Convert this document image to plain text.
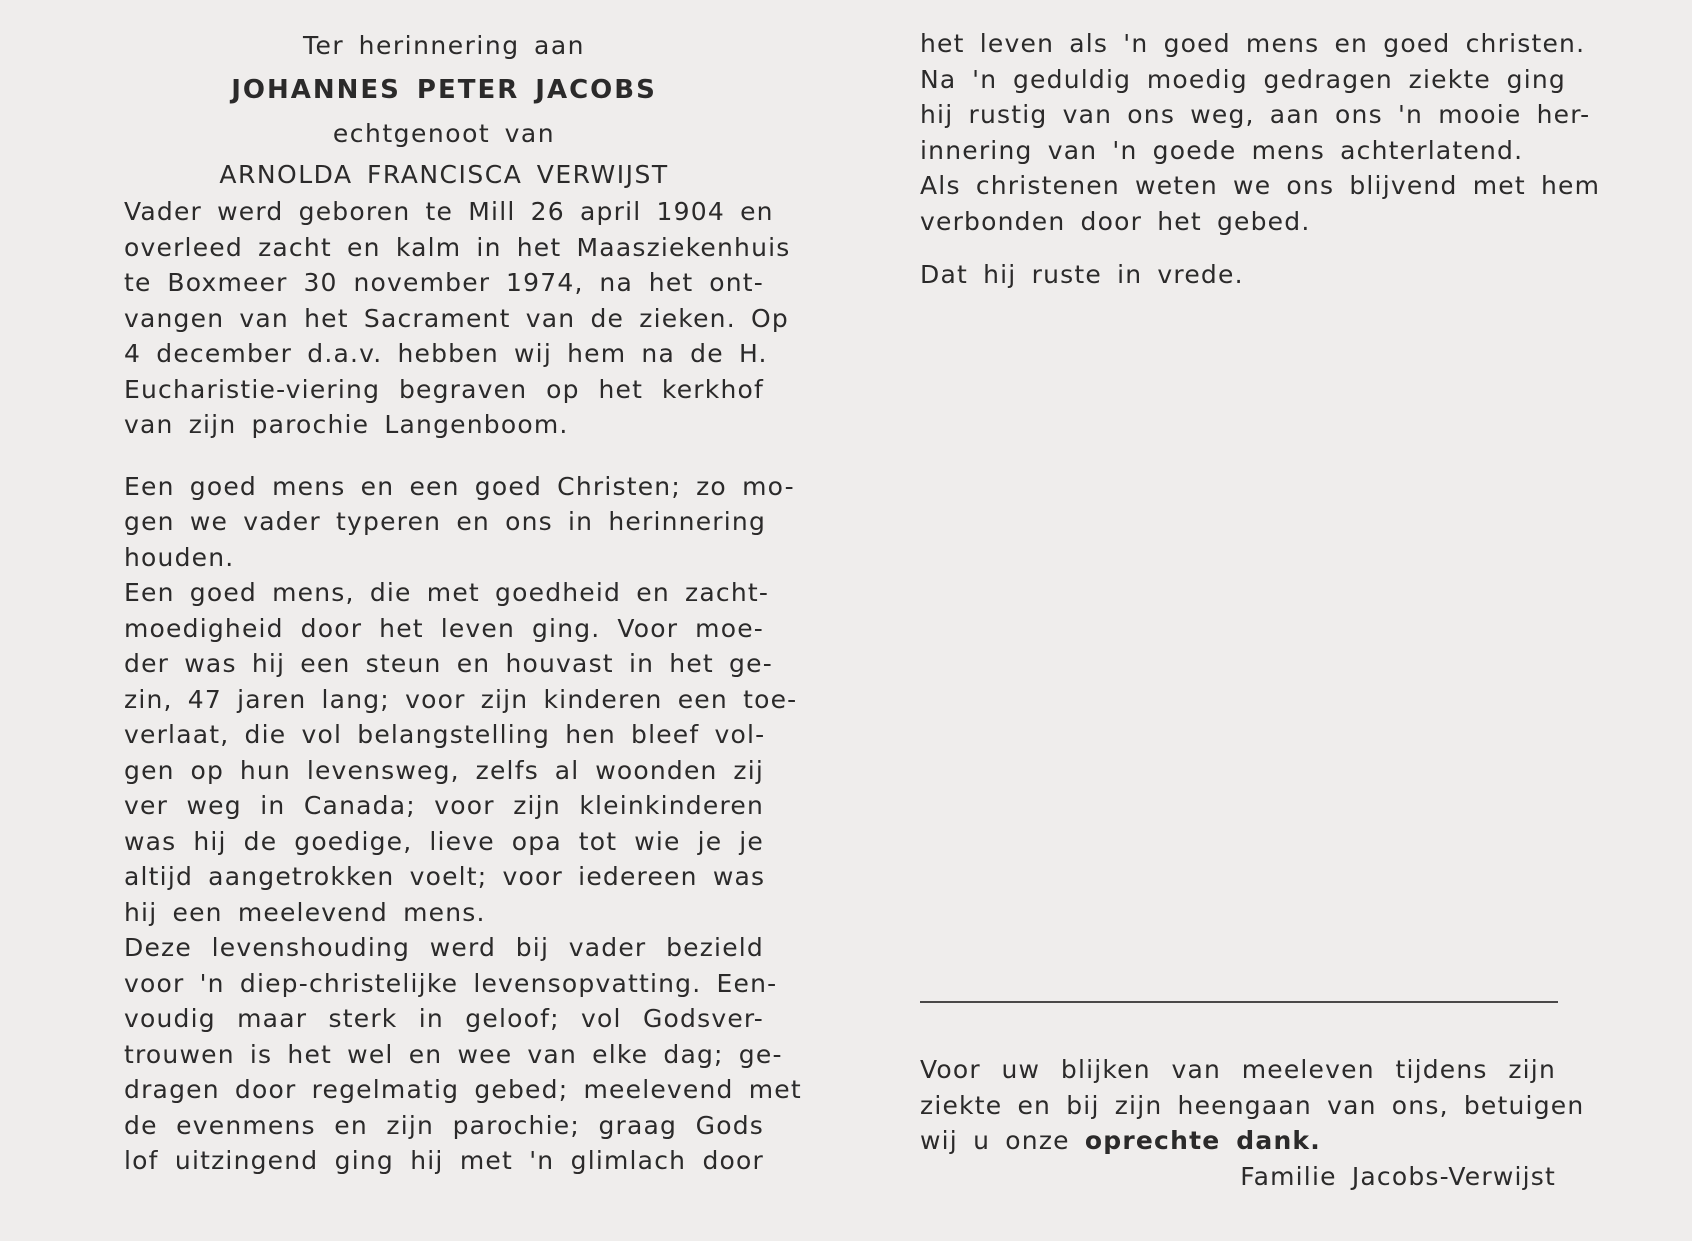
Ter herinnering aan
JOHANNES PETER JACOBS
echtgenoot van
ARNOLDA FRANCISCA VERWIJST
Vader werd geboren te Mill 26 april 1904 en
overleed zacht en kalm in het Maasziekenhuis
te Boxmeer 30 november 1974, na het ont-
vangen van het Sacrament van de zieken. Op
4 december d.a.v. hebben wij hem na de H.
Eucharistie-viering begraven op het kerkhof
van zijn parochie Langenboom.
Een goed mens en een goed Christen; zo mo-
gen we vader typeren en ons in herinnering
houden.
Een goed mens, die met goedheid en zacht-
moedigheid door het leven ging. Voor moe-
der was hij een steun en houvast in het ge-
zin, 47 jaren lang; voor zijn kinderen een toe-
verlaat, die vol belangstelling hen bleef vol-
gen op hun levensweg, zelfs al woonden zij
ver weg in Canada; voor zijn kleinkinderen
was hij de goedige, lieve opa tot wie je je
altijd aangetrokken voelt; voor iedereen was
hij een meelevend mens.
Deze levenshouding werd bij vader bezield
voor 'n diep-christelijke levensopvatting. Een-
voudig maar sterk in geloof; vol Godsver-
trouwen is het wel en wee van elke dag; ge-
dragen door regelmatig gebed; meelevend met
de evenmens en zijn parochie; graag Gods
lof uitzingend ging hij met 'n glimlach door
het leven als 'n goed mens en goed christen.
Na 'n geduldig moedig gedragen ziekte ging
hij rustig van ons weg, aan ons 'n mooie her-
innering van 'n goede mens achterlatend.
Als christenen weten we ons blijvend met hem
verbonden door het gebed.
Dat hij ruste in vrede.
Voor uw blijken van meeleven tijdens zijn
ziekte en bij zijn heengaan van ons, betuigen
wij u onze oprechte dank.
Familie Jacobs-Verwijst
